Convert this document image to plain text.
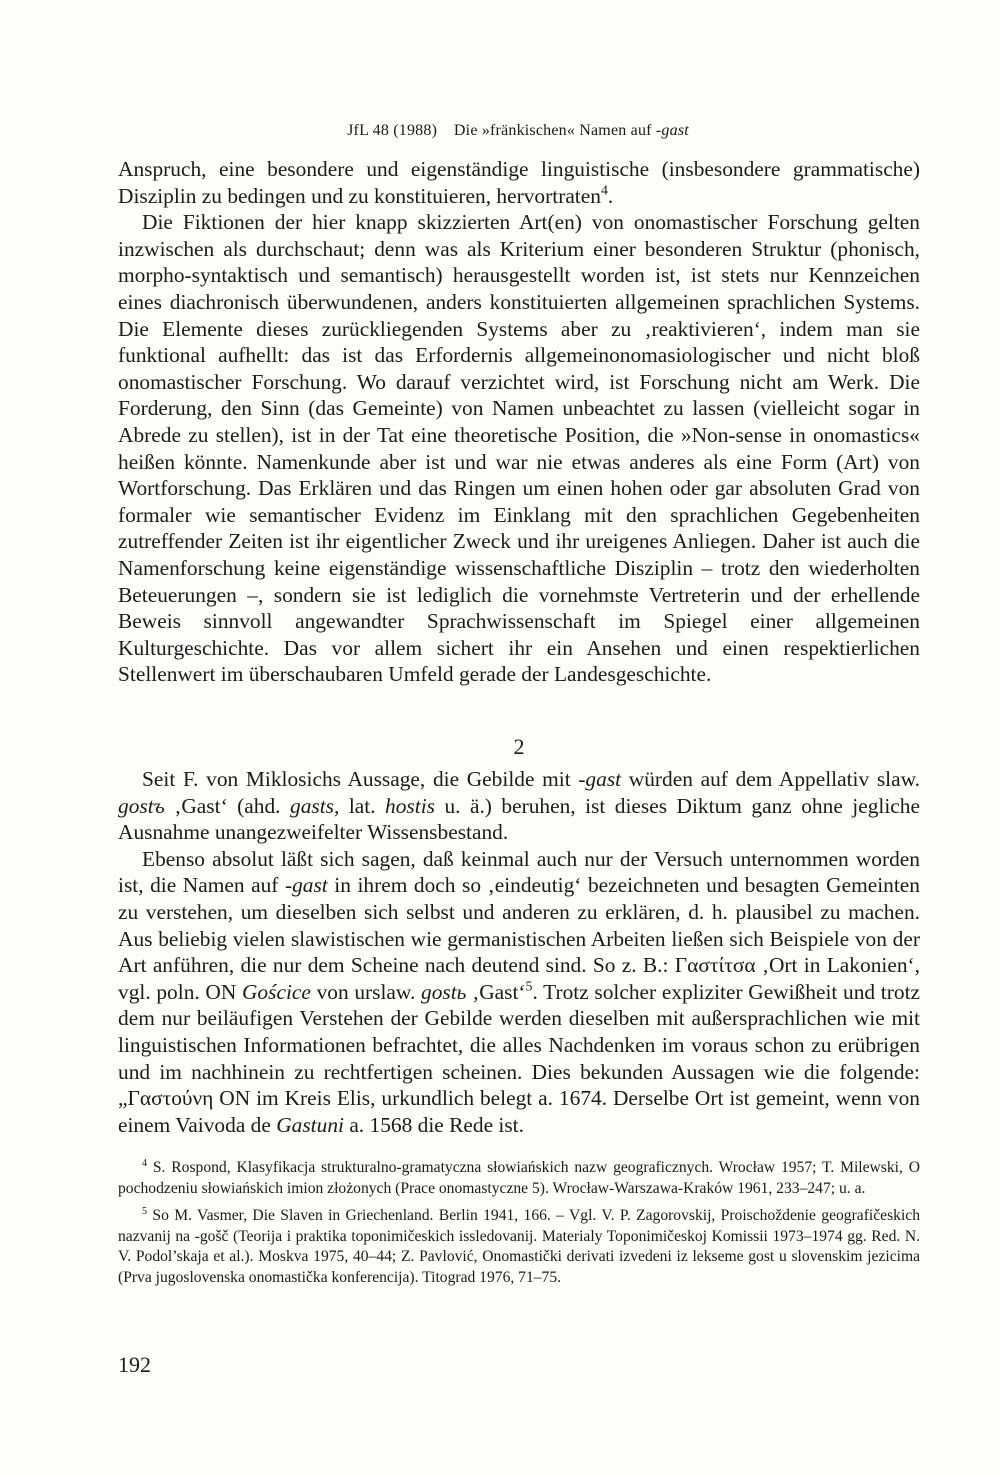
JfL 48 (1988) Die »fränkischen« Namen auf -gast

Anspruch, eine besondere und eigenständige linguistische (insbesondere grammatische) Disziplin zu bedingen und zu konstituieren, hervortraten$^4$.

Die Fiktionen der hier knapp skizzierten Art(en) von onomastischer Forschung gelten inzwischen als durchschaut; denn was als Kriterium einer besonderen Struktur (phonisch, morpho-syntaktisch und semantisch) herausgestellt worden ist, ist stets nur Kennzeichen eines diachronisch überwundenen, anders konstituierten allgemeinen sprachlichen Systems. Die Elemente dieses zurückliegenden Systems aber zu ‚reaktivieren‘, indem man sie funktional aufhellt: das ist das Erfordernis allgemeinonomasiologischer und nicht bloß onomastischer Forschung. Wo darauf verzichtet wird, ist Forschung nicht am Werk. Die Forderung, den Sinn (das Gemeinte) von Namen unbeachtet zu lassen (vielleicht sogar in Abrede zu stellen), ist in der Tat eine theoretische Position, die »Non-sense in onomastics« heißen könnte. Namenkunde aber ist und war nie etwas anderes als eine Form (Art) von Wortforschung. Das Erklären und das Ringen um einen hohen oder gar absoluten Grad von formaler wie semantischer Evidenz im Einklang mit den sprachlichen Gegebenheiten zutreffender Zeiten ist ihr eigentlicher Zweck und ihr ureigenes Anliegen. Daher ist auch die Namenforschung keine eigenständige wissenschaftliche Disziplin – trotz den wiederholten Beteuerungen –, sondern sie ist lediglich die vornehmste Vertreterin und der erhellende Beweis sinnvoll angewandter Sprachwissenschaft im Spiegel einer allgemeinen Kulturgeschichte. Das vor allem sichert ihr ein Ansehen und einen respektierlichen Stellenwert im überschaubaren Umfeld gerade der Landesgeschichte.

2

Seit F. von Miklosichs Aussage, die Gebilde mit -gast würden auf dem Appellativ slaw. gostъ ‚Gast‘ (ahd. gasts, lat. hostis u. ä.) beruhen, ist dieses Diktum ganz ohne jegliche Ausnahme unangezweifelter Wissensbestand.

Ebenso absolut läßt sich sagen, daß keinmal auch nur der Versuch unternommen worden ist, die Namen auf -gast in ihrem doch so ‚eindeutig‘ bezeichneten und besagten Gemeinten zu verstehen, um dieselben sich selbst und anderen zu erklären, d. h. plausibel zu machen. Aus beliebig vielen slawistischen wie germanistischen Arbeiten ließen sich Beispiele von der Art anführen, die nur dem Scheine nach deutend sind. So z. B.: Γαστίτσα ‚Ort in Lakonien‘, vgl. poln. ON Gościce von urslaw. gostь ‚Gast‘$^5$. Trotz solcher expliziter Gewißheit und trotz dem nur beiläufigen Verstehen der Gebilde werden dieselben mit außersprachlichen wie mit linguistischen Informationen befrachtet, die alles Nachdenken im voraus schon zu erübrigen und im nachhinein zu rechtfertigen scheinen. Dies bekunden Aussagen wie die folgende: „Γαστούνη ON im Kreis Elis, urkundlich belegt a. 1674. Derselbe Ort ist gemeint, wenn von einem Vaivoda de Gastuni a. 1568 die Rede ist.

$^4$ S. Rospond, Klasyfikacja strukturalno-gramatyczna słowiańskich nazw geograficznych. Wrocław 1957; T. Milewski, O pochodzeniu słowiańskich imion złożonych (Prace onomastyczne 5). Wrocław-Warszawa-Kraków 1961, 233–247; u. a.

$^5$ So M. Vasmer, Die Slaven in Griechenland. Berlin 1941, 166. – Vgl. V. P. Zagorovskij, Proischoždenie geografičeskich nazvanij na -gošč (Teorija i praktika toponimičeskich issledovanij. Materialy Toponimičeskoj Komissii 1973–1974 gg. Red. N. V. Podol’skaja et al.). Moskva 1975, 40–44; Z. Pavlović, Onomastički derivati izvedeni iz lekseme gost u slovenskim jezicima (Prva jugoslovenska onomastička konferencija). Titograd 1976, 71–75.

192
